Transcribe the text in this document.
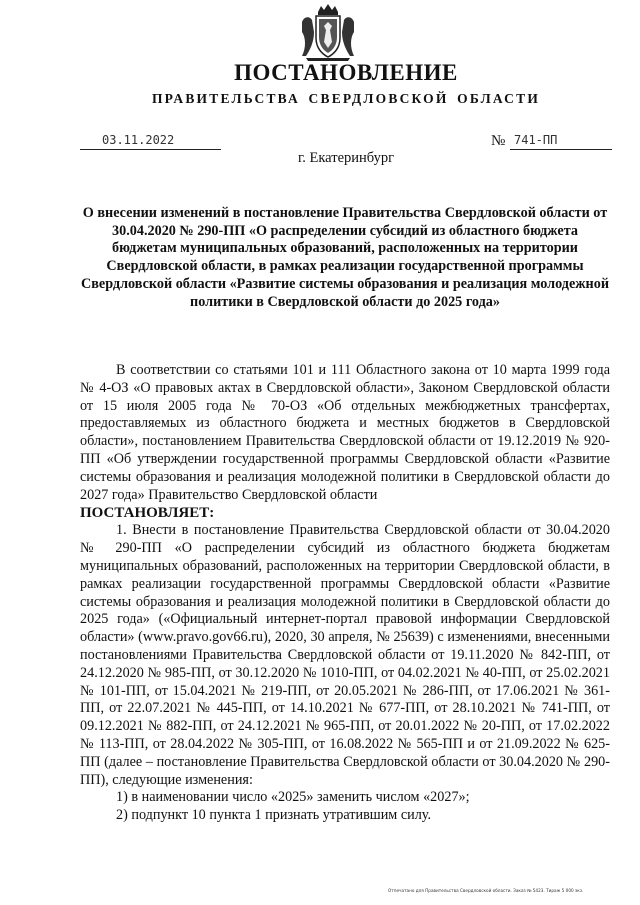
ПОСТАНОВЛЕНИЕ
ПРАВИТЕЛЬСТВА СВЕРДЛОВСКОЙ ОБЛАСТИ
03.11.2022	№ 741-ПП
г. Екатеринбург
О внесении изменений в постановление Правительства Свердловской области от 30.04.2020 № 290-ПП «О распределении субсидий из областного бюджета бюджетам муниципальных образований, расположенных на территории Свердловской области, в рамках реализации государственной программы Свердловской области «Развитие системы образования и реализация молодежной политики в Свердловской области до 2025 года»

В соответствии со статьями 101 и 111 Областного закона от 10 марта 1999 года № 4-ОЗ «О правовых актах в Свердловской области», Законом Свердловской области от 15 июля 2005 года № 70-ОЗ «Об отдельных межбюджетных трансфертах, предоставляемых из областного бюджета и местных бюджетов в Свердловской области», постановлением Правительства Свердловской области от 19.12.2019 № 920-ПП «Об утверждении государственной программы Свердловской области «Развитие системы образования и реализация молодежной политики в Свердловской области до 2027 года» Правительство Свердловской области

ПОСТАНОВЛЯЕТ:

1. Внести в постановление Правительства Свердловской области от 30.04.2020 № 290-ПП «О распределении субсидий из областного бюджета бюджетам муниципальных образований, расположенных на территории Свердловской области, в рамках реализации государственной программы Свердловской области «Развитие системы образования и реализация молодежной политики в Свердловской области до 2025 года» («Официальный интернет-портал правовой информации Свердловской области» (www.pravo.gov66.ru), 2020, 30 апреля, № 25639) с изменениями, внесенными постановлениями Правительства Свердловской области от 19.11.2020 № 842-ПП, от 24.12.2020 № 985-ПП, от 30.12.2020 № 1010-ПП, от 04.02.2021 № 40-ПП, от 25.02.2021 № 101-ПП, от 15.04.2021 № 219-ПП, от 20.05.2021 № 286-ПП, от 17.06.2021 № 361-ПП, от 22.07.2021 № 445-ПП, от 14.10.2021 № 677-ПП, от 28.10.2021 № 741-ПП, от 09.12.2021 № 882-ПП, от 24.12.2021 № 965-ПП, от 20.01.2022 № 20-ПП, от 17.02.2022 № 113-ПП, от 28.04.2022 № 305-ПП, от 16.08.2022 № 565-ПП и от 21.09.2022 № 625-ПП (далее – постановление Правительства Свердловской области от 30.04.2020 № 290-ПП), следующие изменения:

1) в наименовании число «2025» заменить числом «2027»;

2) подпункт 10 пункта 1 признать утратившим силу.

Отпечатано для Правительства Свердловской области. Заказ № 5423. Тираж 5 000 экз.
